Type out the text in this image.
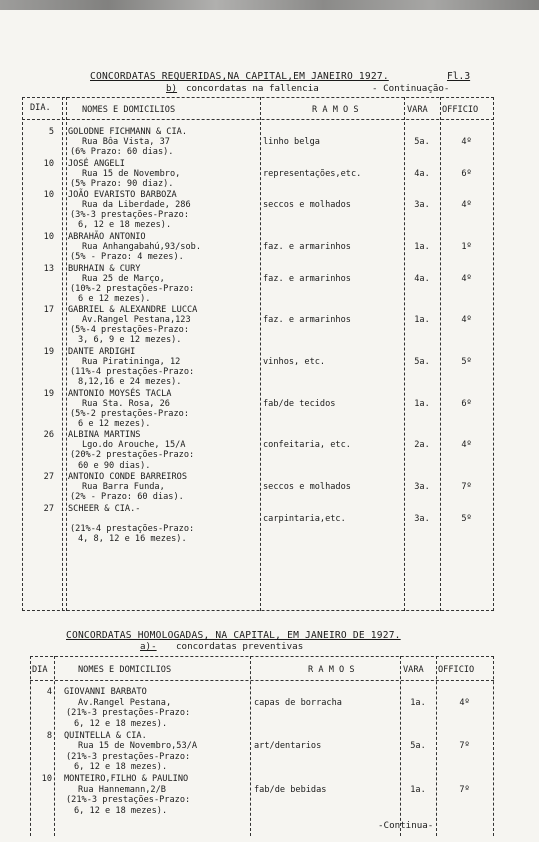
CONCORDATAS REQUERIDAS,NA CAPITAL,EM JANEIRO 1927.	Fl.3
b) concordatas na fallencia	- Continuação-
DIA.	NOMES E DOMICILIOS	R A M O S	VARA OFFICIO
5 GOLODNE FICHMANN & CIA.
Rua Bôa Vista, 37
(6% Prazo: 60 dias).
linho belga	5a.	4º
10 JOSÉ ANGELI
Rua 15 de Novembro,
(5% Prazo: 90 diaz).
representações,etc.	4a.	6º
10 JOÃO EVARISTO BARBOZA
Rua da Liberdade, 286
(3%-3 prestações-Prazo:
6, 12 e 18 mezes).
seccos e molhados	3a.	4º
10 ABRAHÃO ANTONIO
Rua Anhangabahú,93/sob.
(5% - Prazo: 4 mezes).
faz. e armarinhos	1a.	1º
13 BURHAIN & CURY
Rua 25 de Março,
(10%-2 prestações-Prazo:
6 e 12 mezes).
faz. e armarinhos	4a.	4º
17 GABRIEL & ALEXANDRE LUCCA
Av.Rangel Pestana,123
(5%-4 prestações-Prazo:
3, 6, 9 e 12 mezes).
faz. e armarinhos	1a.	4º
19 DANTE ARDIGHI
Rua Piratininga, 12
(11%-4 prestações-Prazo:
8,12,16 e 24 mezes).
vinhos, etc.	5a.	5º
19 ANTONIO MOYSÉS TACLA
Rua Sta. Rosa, 26
(5%-2 prestações-Prazo:
6 e 12 mezes).
fab/de tecidos	1a.	6º
26 ALBINA MARTINS
Lgo.do Arouche, 15/A
(20%-2 prestações-Prazo:
60 e 90 dias).
confeitaria, etc.	2a.	4º
27 ANTONIO CONDE BARREIROS
Rua Barra Funda,
(2% - Prazo: 60 dias).
seccos e molhados	3a.	7º
27 SCHEER & CIA.-
(21%-4 prestações-Prazo:
4, 8, 12 e 16 mezes).
carpintaria,etc.	3a.	5º
CONCORDATAS HOMOLOGADAS, NA CAPITAL, EM JANEIRO DE 1927.
a)- concordatas preventivas
DIA	NOMES E DOMICILIOS	R A M O S	VARA OFFICIO
4 GIOVANNI BARBATO
Av.Rangel Pestana,
(21%-3 prestações-Prazo:
6, 12 e 18 mezes).
capas de borracha	1a.	4º
8 QUINTELLA & CIA.
Rua 15 de Novembro,53/A
(21%-3 prestações-Prazo:
6, 12 e 18 mezes).
art/dentarios	5a.	7º
10 MONTEIRO,FILHO & PAULINO
Rua Hannemann,2/B
(21%-3 prestações-Prazo:
6, 12 e 18 mezes).
fab/de bebidas	1a.	7º
-Continua-
